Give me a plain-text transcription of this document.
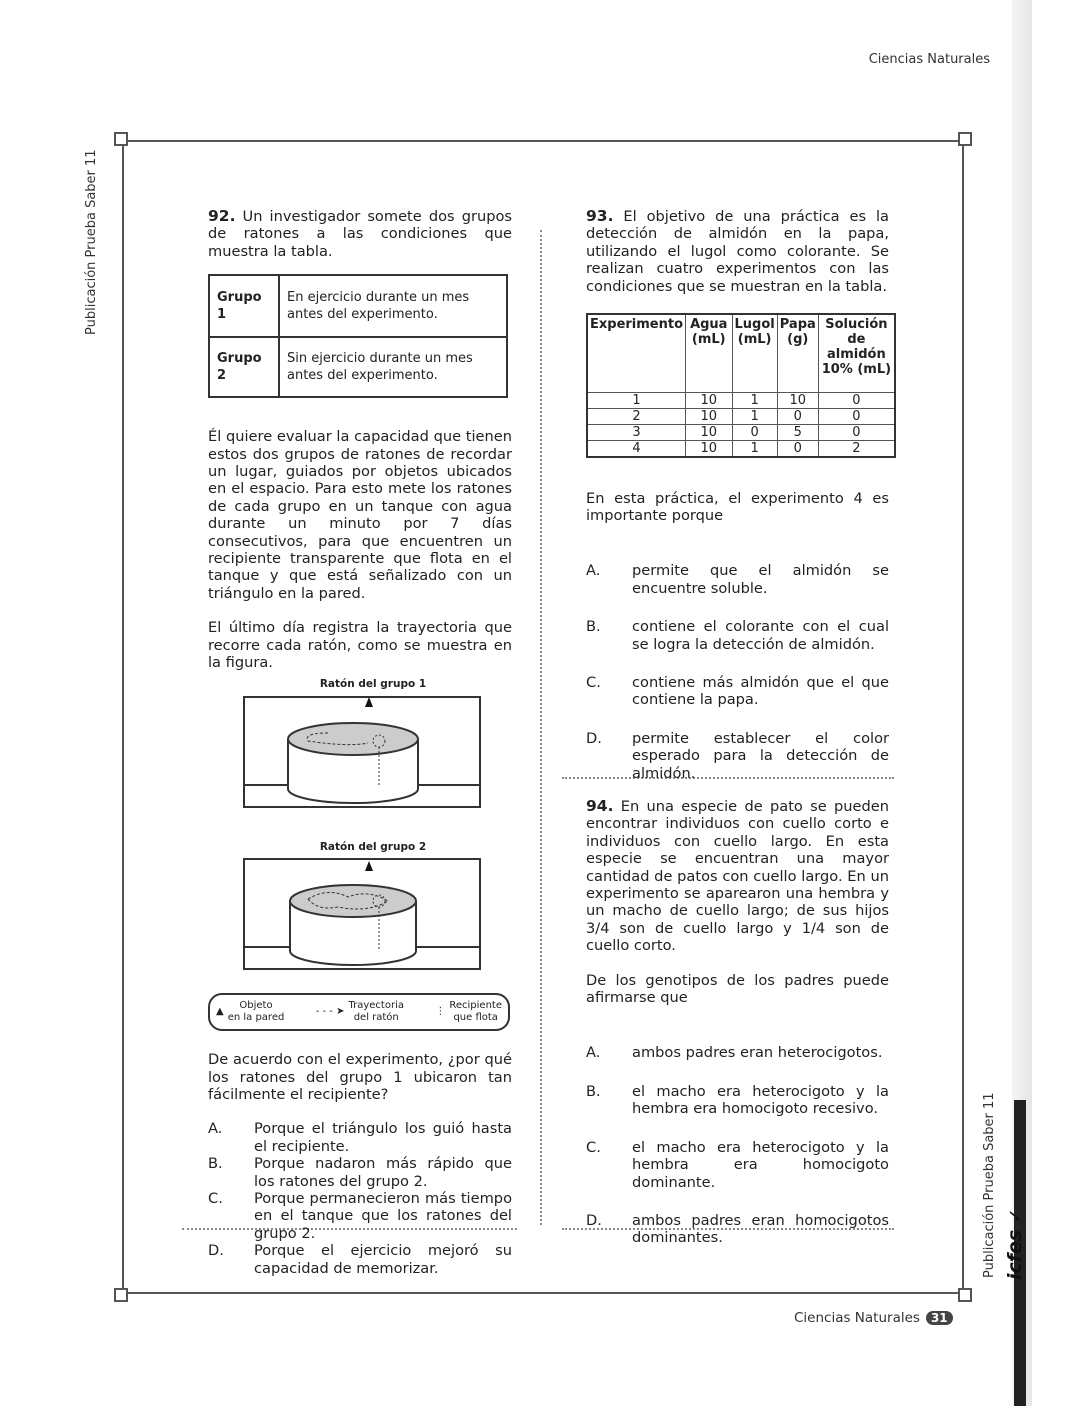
Ciencias Naturales
Publicación Prueba Saber 11
Publicación Prueba Saber 11 icfes ✓

92. Un investigador somete dos grupos de ratones a las condiciones que muestra la tabla.

Grupo 1	En ejercicio durante un mes antes del experimento.
Grupo 2	Sin ejercicio durante un mes antes del experimento.

Él quiere evaluar la capacidad que tienen estos dos grupos de ratones de recordar un lugar, guiados por objetos ubicados en el espacio. Para esto mete los ratones de cada grupo en un tanque con agua durante un minuto por 7 días consecutivos, para que encuentren un recipiente transparente que flota en el tanque y que está señalizado con un triángulo en la pared.

El último día registra la trayectoria que recorre cada ratón, como se muestra en la figura.

Ratón del grupo 1
Ratón del grupo 2
▲
Objeto
en la pared
- - - ➤
Trayectoria
del ratón
⋮
Recipiente
que flota

De acuerdo con el experimento, ¿por qué los ratones del grupo 1 ubicaron tan fácilmente el recipiente?

A.	Porque el triángulo los guió hasta el recipiente.
B.	Porque nadaron más rápido que los ratones del grupo 2.
C.	Porque permanecieron más tiempo en el tanque que los ratones del grupo 2.
D.	Porque el ejercicio mejoró su capacidad de memorizar.

93. El objetivo de una práctica es la detección de almidón en la papa, utilizando el lugol como colorante. Se realizan cuatro experimentos con las condiciones que se muestran en la tabla.

Experimento	Agua (mL)	Lugol (mL)	Papa (g)	Solución de almidón 10% (mL)
1	10	1	10	0
2	10	1	0	0
3	10	0	5	0
4	10	1	0	2

En esta práctica, el experimento 4 es importante porque

A.	permite que el almidón se encuentre soluble.
B.	contiene el colorante con el cual se logra la detección de almidón.
C.	contiene más almidón que el que contiene la papa.
D.	permite establecer el color esperado para la detección de almidón.

94. En una especie de pato se pueden encontrar individuos con cuello corto e individuos con cuello largo. En esta especie se encuentran una mayor cantidad de patos con cuello largo. En un experimento se aparearon una hembra y un macho de cuello largo; de sus hijos 3/4 son de cuello largo y 1/4 son de cuello corto.

De los genotipos de los padres puede afirmarse que

A.	ambos padres eran heterocigotos.
B.	el macho era heterocigoto y la hembra era homocigoto recesivo.
C.	el macho era heterocigoto y la hembra era homocigoto dominante.
D.	ambos padres eran homocigotos dominantes.
Ciencias Naturales 31
